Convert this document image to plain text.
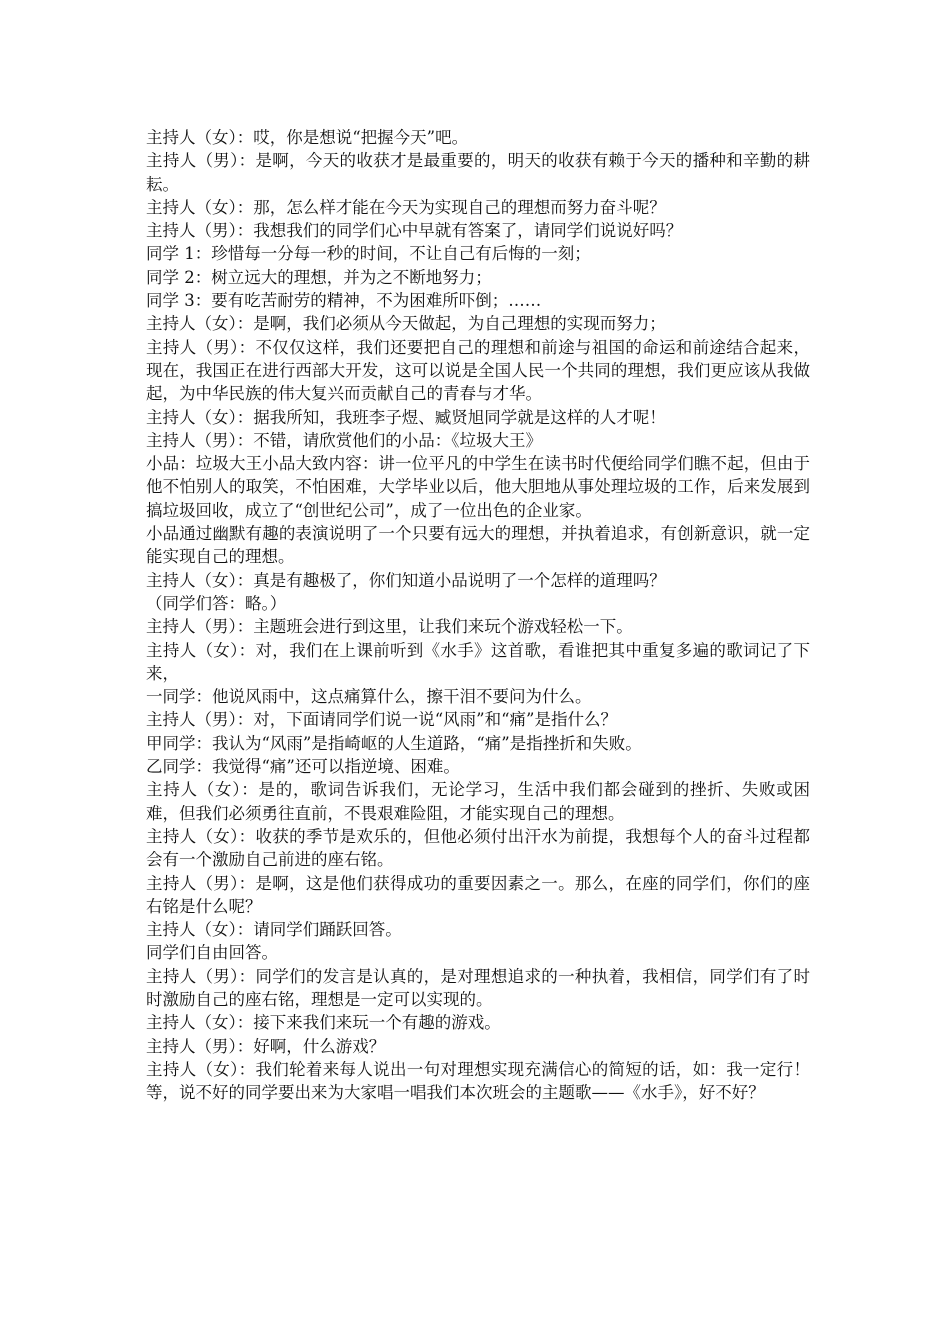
主持人（女）：哎，你是想说“把握今天”吧。

主持人（男）：是啊，今天的收获才是最重要的，明天的收获有赖于今天的播种和辛勤的耕耘。

主持人（女）：那，怎么样才能在今天为实现自己的理想而努力奋斗呢？

主持人（男）：我想我们的同学们心中早就有答案了，请同学们说说好吗？

同学 1：珍惜每一分每一秒的时间，不让自己有后悔的一刻；

同学 2：树立远大的理想，并为之不断地努力；

同学 3：要有吃苦耐劳的精神，不为困难所吓倒；……

主持人（女）：是啊，我们必须从今天做起，为自己理想的实现而努力；

主持人（男）：不仅仅这样，我们还要把自己的理想和前途与祖国的命运和前途结合起来，现在，我国正在进行西部大开发，这可以说是全国人民一个共同的理想，我们更应该从我做起，为中华民族的伟大复兴而贡献自己的青春与才华。

主持人（女）：据我所知，我班李子煜、臧贤旭同学就是这样的人才呢！

主持人（男）：不错，请欣赏他们的小品：《垃圾大王》

小品：垃圾大王小品大致内容：讲一位平凡的中学生在读书时代便给同学们瞧不起，但由于他不怕别人的取笑，不怕困难，大学毕业以后，他大胆地从事处理垃圾的工作，后来发展到搞垃圾回收，成立了“创世纪公司”，成了一位出色的企业家。

小品通过幽默有趣的表演说明了一个只要有远大的理想，并执着追求，有创新意识，就一定能实现自己的理想。

主持人（女）：真是有趣极了，你们知道小品说明了一个怎样的道理吗？

（同学们答：略。）

主持人（男）：主题班会进行到这里，让我们来玩个游戏轻松一下。

主持人（女）：对，我们在上课前听到《水手》这首歌，看谁把其中重复多遍的歌词记了下来，

一同学：他说风雨中，这点痛算什么，擦干泪不要问为什么。

主持人（男）：对，下面请同学们说一说“风雨”和“痛”是指什么？

甲同学：我认为“风雨”是指崎岖的人生道路，“痛”是指挫折和失败。

乙同学：我觉得“痛”还可以指逆境、困难。

主持人（女）：是的，歌词告诉我们，无论学习，生活中我们都会碰到的挫折、失败或困难，但我们必须勇往直前，不畏艰难险阻，才能实现自己的理想。

主持人（女）：收获的季节是欢乐的，但他必须付出汗水为前提，我想每个人的奋斗过程都会有一个激励自己前进的座右铭。

主持人（男）：是啊，这是他们获得成功的重要因素之一。那么，在座的同学们，你们的座右铭是什么呢？

主持人（女）：请同学们踊跃回答。

同学们自由回答。

主持人（男）：同学们的发言是认真的，是对理想追求的一种执着，我相信，同学们有了时时激励自己的座右铭，理想是一定可以实现的。

主持人（女）：接下来我们来玩一个有趣的游戏。

主持人（男）：好啊，什么游戏？

主持人（女）：我们轮着来每人说出一句对理想实现充满信心的简短的话，如：我一定行！等，说不好的同学要出来为大家唱一唱我们本次班会的主题歌——《水手》，好不好？
